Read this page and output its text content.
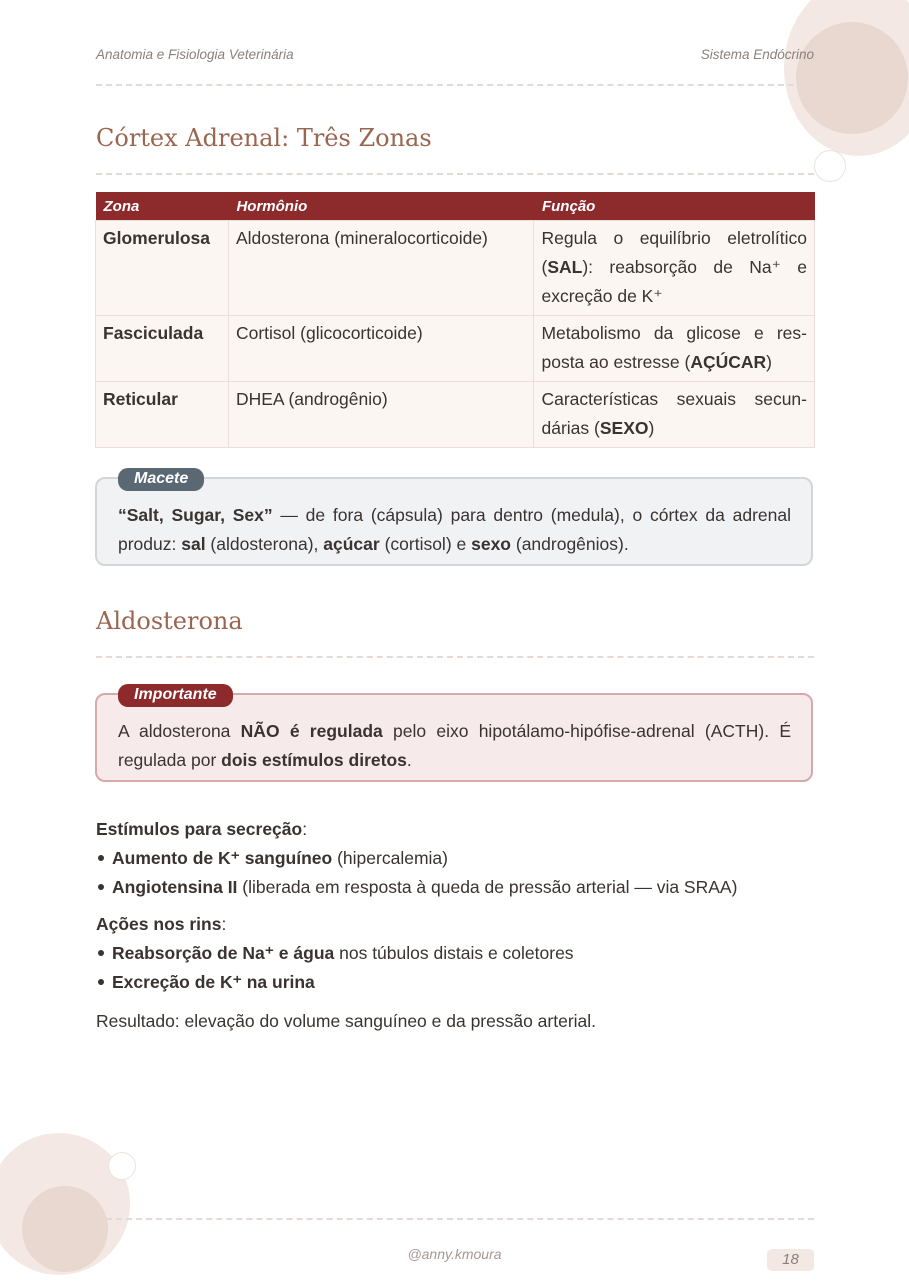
Anatomia e Fisiologia Veterinária	Sistema Endócrino
Córtex Adrenal: Três Zonas
Zona	Hormônio	Função
Glomerulosa	Aldosterona (mineralocorticoide)	Regula o equilíbrio eletrolítico (SAL): reabsorção de Na⁺ e excreção de K⁺
Fasciculada	Cortisol (glicocorticoide)	Metabolismo da glicose e res-posta ao estresse (AÇÚCAR)
Reticular	DHEA (androgênio)	Características sexuais secun-dárias (SEXO)
Macete
“Salt, Sugar, Sex” — de fora (cápsula) para dentro (medula), o córtex da adrenal produz: sal (aldosterona), açúcar (cortisol) e sexo (androgênios).
Aldosterona
Importante
A aldosterona NÃO é regulada pelo eixo hipotálamo-hipófise-adrenal (ACTH). É regulada por dois estímulos diretos.
Estímulos para secreção:
Aumento de K⁺ sanguíneo (hipercalemia)
Angiotensina II (liberada em resposta à queda de pressão arterial — via SRAA)
Ações nos rins:
Reabsorção de Na⁺ e água nos túbulos distais e coletores
Excreção de K⁺ na urina
Resultado: elevação do volume sanguíneo e da pressão arterial.
@anny.kmoura	18
